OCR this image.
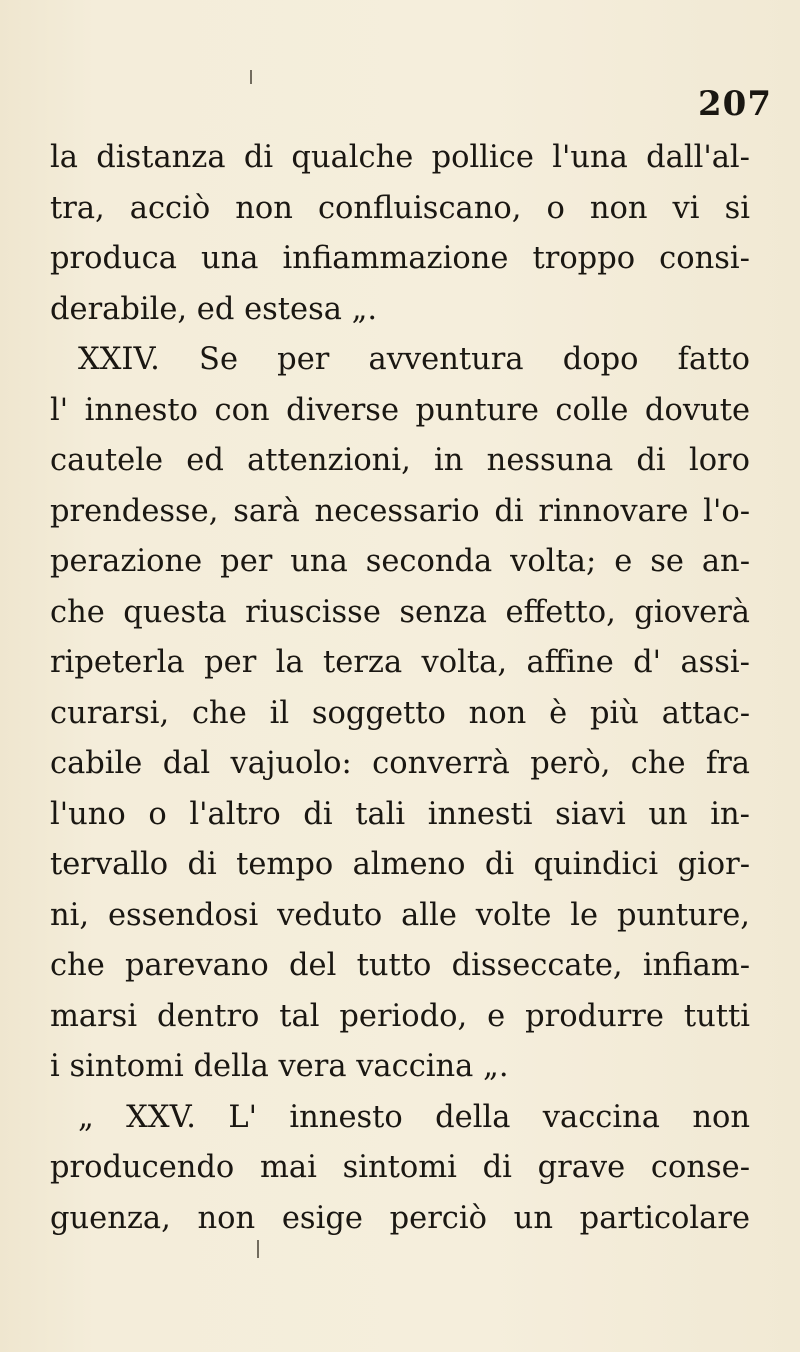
207
la distanza di qualche pollice l'una dall'al-
tra, acciò non confluiscano, o non vi si
produca una infiammazione troppo consi-
derabile, ed estesa „.
XXIV. Se per avventura dopo fatto
l' innesto con diverse punture colle dovute
cautele ed attenzioni, in nessuna di loro
prendesse, sarà necessario di rinnovare l'o-
perazione per una seconda volta; e se an-
che questa riuscisse senza effetto, gioverà
ripeterla per la terza volta, affine d' assi-
curarsi, che il soggetto non è più attac-
cabile dal vajuolo: converrà però, che fra
l'uno o l'altro di tali innesti siavi un in-
tervallo di tempo almeno di quindici gior-
ni, essendosi veduto alle volte le punture,
che parevano del tutto disseccate, infiam-
marsi dentro tal periodo, e produrre tutti
i sintomi della vera vaccina „.
„ XXV. L' innesto della vaccina non
producendo mai sintomi di grave conse-
guenza, non esige perciò un particolare
